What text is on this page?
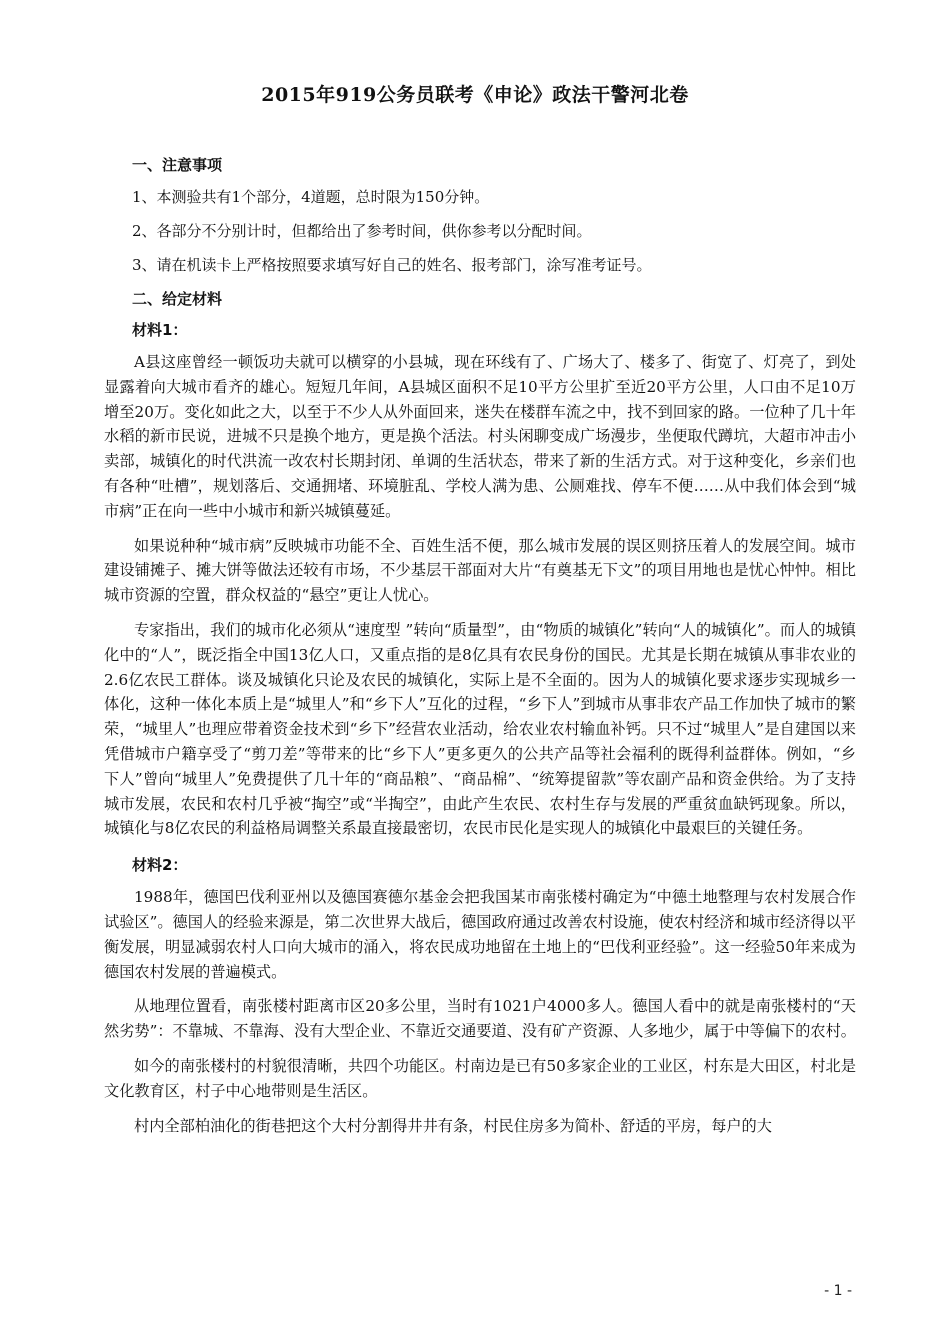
2015年919公务员联考《申论》政法干警河北卷
一、注意事项
1、本测验共有1个部分，4道题，总时限为150分钟。
2、各部分不分别计时，但都给出了参考时间，供你参考以分配时间。
3、请在机读卡上严格按照要求填写好自己的姓名、报考部门，涂写准考证号。
二、给定材料
材料1：

A县这座曾经一顿饭功夫就可以横穿的小县城，现在环线有了、广场大了、楼多了、街宽了、灯亮了，到处显露着向大城市看齐的雄心。短短几年间，A县城区面积不足10平方公里扩至近20平方公里，人口由不足10万增至20万。变化如此之大，以至于不少人从外面回来，迷失在楼群车流之中，找不到回家的路。一位种了几十年水稻的新市民说，进城不只是换个地方，更是换个活法。村头闲聊变成广场漫步，坐便取代蹲坑，大超市冲击小卖部，城镇化的时代洪流一改农村长期封闭、单调的生活状态，带来了新的生活方式。对于这种变化，乡亲们也有各种“吐槽”，规划落后、交通拥堵、环境脏乱、学校人满为患、公厕难找、停车不便……从中我们体会到“城市病”正在向一些中小城市和新兴城镇蔓延。

如果说种种“城市病”反映城市功能不全、百姓生活不便，那么城市发展的误区则挤压着人的发展空间。城市建设铺摊子、摊大饼等做法还较有市场，不少基层干部面对大片“有奠基无下文”的项目用地也是忧心忡忡。相比城市资源的空置，群众权益的“悬空”更让人忧心。

专家指出，我们的城市化必须从“速度型 ”转向“质量型”，由“物质的城镇化”转向“人的城镇化”。而人的城镇化中的“人”，既泛指全中国13亿人口，又重点指的是8亿具有农民身份的国民。尤其是长期在城镇从事非农业的2.6亿农民工群体。谈及城镇化只论及农民的城镇化，实际上是不全面的。因为人的城镇化要求逐步实现城乡一体化，这种一体化本质上是“城里人”和“乡下人”互化的过程，“乡下人”到城市从事非农产品工作加快了城市的繁荣，“城里人”也理应带着资金技术到“乡下”经营农业活动，给农业农村输血补钙。只不过“城里人”是自建国以来凭借城市户籍享受了“剪刀差”等带来的比“乡下人”更多更久的公共产品等社会福利的既得利益群体。例如，“乡下人”曾向“城里人”免费提供了几十年的“商品粮”、“商品棉”、“统筹提留款”等农副产品和资金供给。为了支持城市发展，农民和农村几乎被“掏空”或“半掏空”，由此产生农民、农村生存与发展的严重贫血缺钙现象。所以，城镇化与8亿农民的利益格局调整关系最直接最密切，农民市民化是实现人的城镇化中最艰巨的关键任务。

材料2：

1988年，德国巴伐利亚州以及德国赛德尔基金会把我国某市南张楼村确定为“中德土地整理与农村发展合作试验区”。德国人的经验来源是，第二次世界大战后，德国政府通过改善农村设施，使农村经济和城市经济得以平衡发展，明显减弱农村人口向大城市的涌入，将农民成功地留在土地上的“巴伐利亚经验”。这一经验50年来成为德国农村发展的普遍模式。

从地理位置看，南张楼村距离市区20多公里，当时有1021户4000多人。德国人看中的就是南张楼村的“天然劣势”：不靠城、不靠海、没有大型企业、不靠近交通要道、没有矿产资源、人多地少，属于中等偏下的农村。

如今的南张楼村的村貌很清晰，共四个功能区。村南边是已有50多家企业的工业区，村东是大田区，村北是文化教育区，村子中心地带则是生活区。

村内全部柏油化的街巷把这个大村分割得井井有条，村民住房多为简朴、舒适的平房，每户的大

- 1 -
